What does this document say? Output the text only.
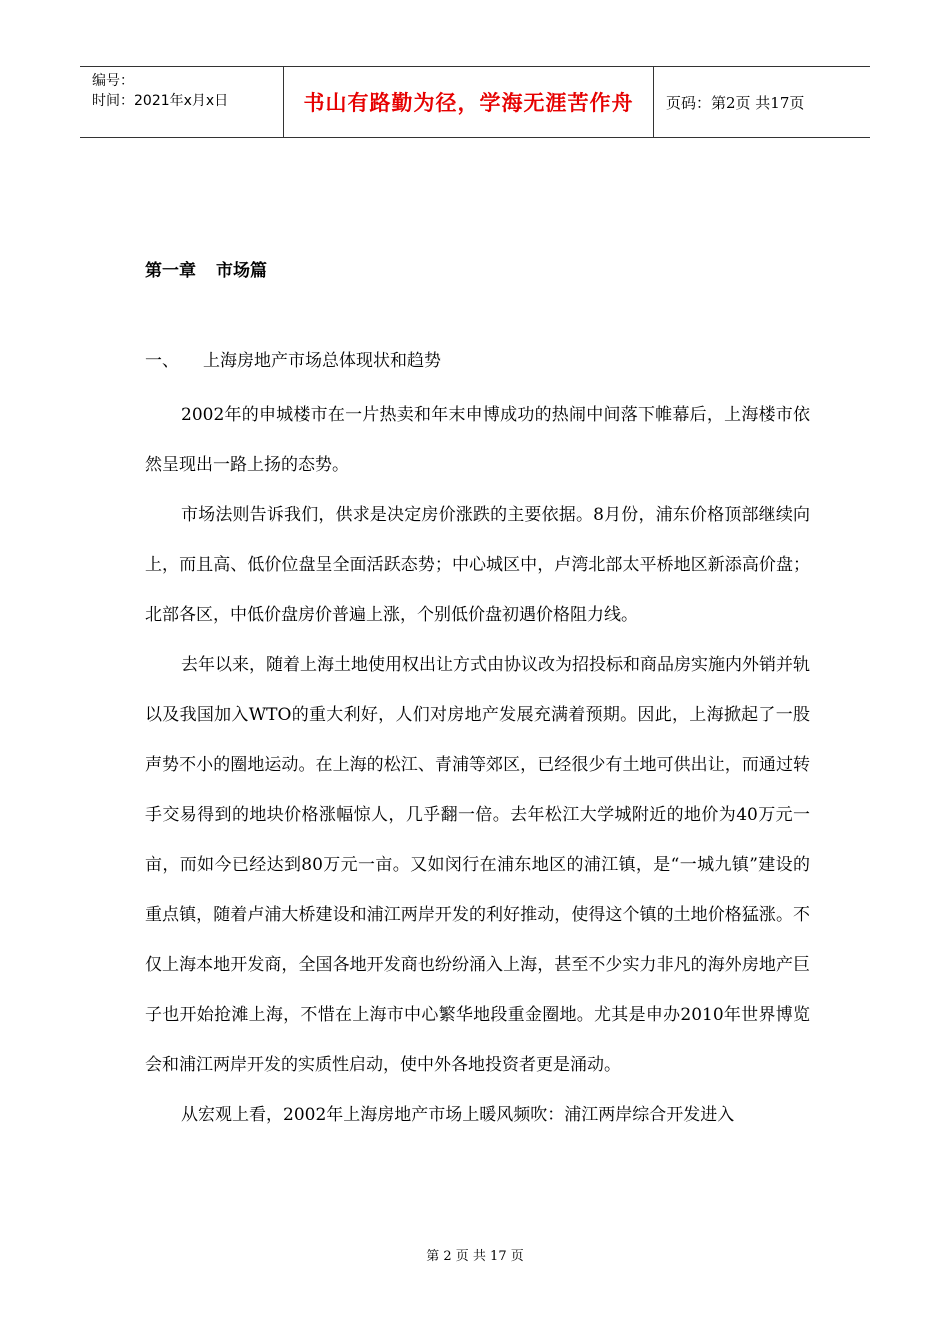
编号：
时间：2021年x月x日	书山有路勤为径，学海无涯苦作舟	页码：第2页 共17页
第一章 市场篇
一、 上海房地产市场总体现状和趋势

2002年的申城楼市在一片热卖和年末申博成功的热闹中间落下帷幕后，上海楼市依然呈现出一路上扬的态势。

市场法则告诉我们，供求是决定房价涨跌的主要依据。8月份，浦东价格顶部继续向上，而且高、低价位盘呈全面活跃态势；中心城区中，卢湾北部太平桥地区新添高价盘；北部各区，中低价盘房价普遍上涨，个别低价盘初遇价格阻力线。

去年以来，随着上海土地使用权出让方式由协议改为招投标和商品房实施内外销并轨以及我国加入WTO的重大利好，人们对房地产发展充满着预期。因此，上海掀起了一股声势不小的圈地运动。在上海的松江、青浦等郊区，已经很少有土地可供出让，而通过转手交易得到的地块价格涨幅惊人，几乎翻一倍。去年松江大学城附近的地价为40万元一亩，而如今已经达到80万元一亩。又如闵行在浦东地区的浦江镇，是“一城九镇”建设的重点镇，随着卢浦大桥建设和浦江两岸开发的利好推动，使得这个镇的土地价格猛涨。不仅上海本地开发商，全国各地开发商也纷纷涌入上海，甚至不少实力非凡的海外房地产巨子也开始抢滩上海，不惜在上海市中心繁华地段重金圈地。尤其是申办2010年世界博览会和浦江两岸开发的实质性启动，使中外各地投资者更是涌动。

从宏观上看，2002年上海房地产市场上暖风频吹：浦江两岸综合开发进入

第 2 页 共 17 页
